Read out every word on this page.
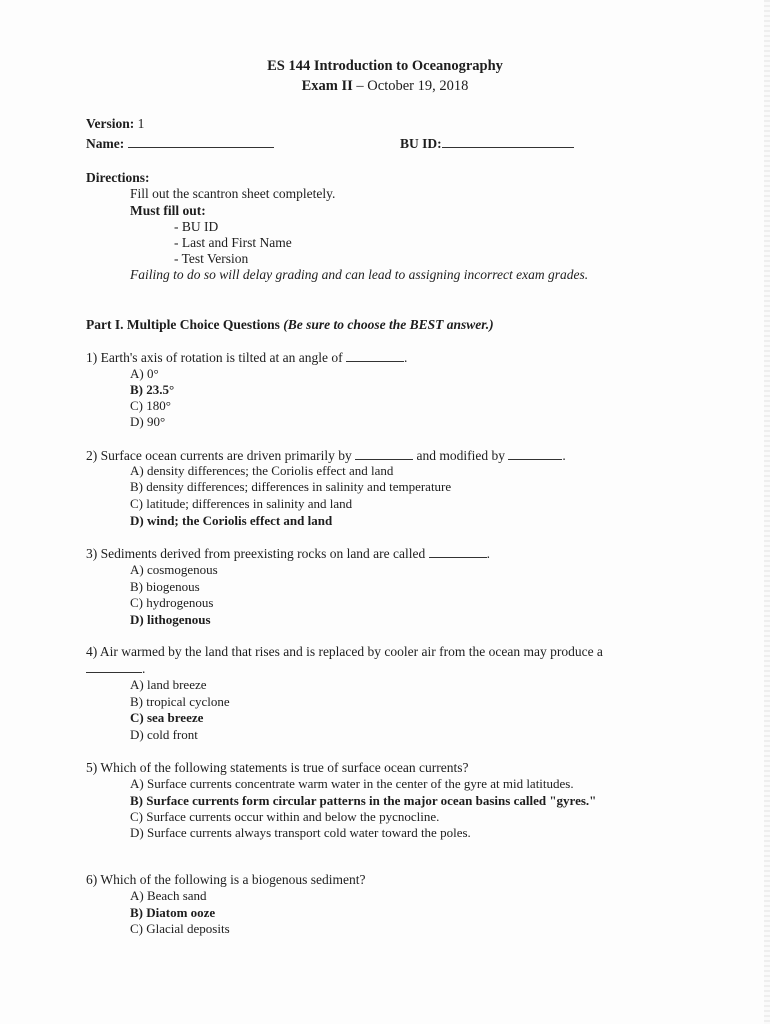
ES 144 Introduction to Oceanography
Exam II – October 19, 2018
Version: 1
Name:	BU ID:
Directions:
Fill out the scantron sheet completely.
Must fill out:
- BU ID
- Last and First Name
- Test Version
Failing to do so will delay grading and can lead to assigning incorrect exam grades.
Part I. Multiple Choice Questions (Be sure to choose the BEST answer.)
1) Earth's axis of rotation is tilted at an angle of	.
A) 0°
B) 23.5°
C) 180°
D) 90°
2) Surface ocean currents are driven primarily by	and modified by	.
A) density differences; the Coriolis effect and land
B) density differences; differences in salinity and temperature
C) latitude; differences in salinity and land
D) wind; the Coriolis effect and land
3) Sediments derived from preexisting rocks on land are called	.
A) cosmogenous
B) biogenous
C) hydrogenous
D) lithogenous
4) Air warmed by the land that rises and is replaced by cooler air from the ocean may produce a
.
A) land breeze
B) tropical cyclone
C) sea breeze
D) cold front
5) Which of the following statements is true of surface ocean currents?
A) Surface currents concentrate warm water in the center of the gyre at mid latitudes.
B) Surface currents form circular patterns in the major ocean basins called "gyres."
C) Surface currents occur within and below the pycnocline.
D) Surface currents always transport cold water toward the poles.
6) Which of the following is a biogenous sediment?
A) Beach sand
B) Diatom ooze
C) Glacial deposits
